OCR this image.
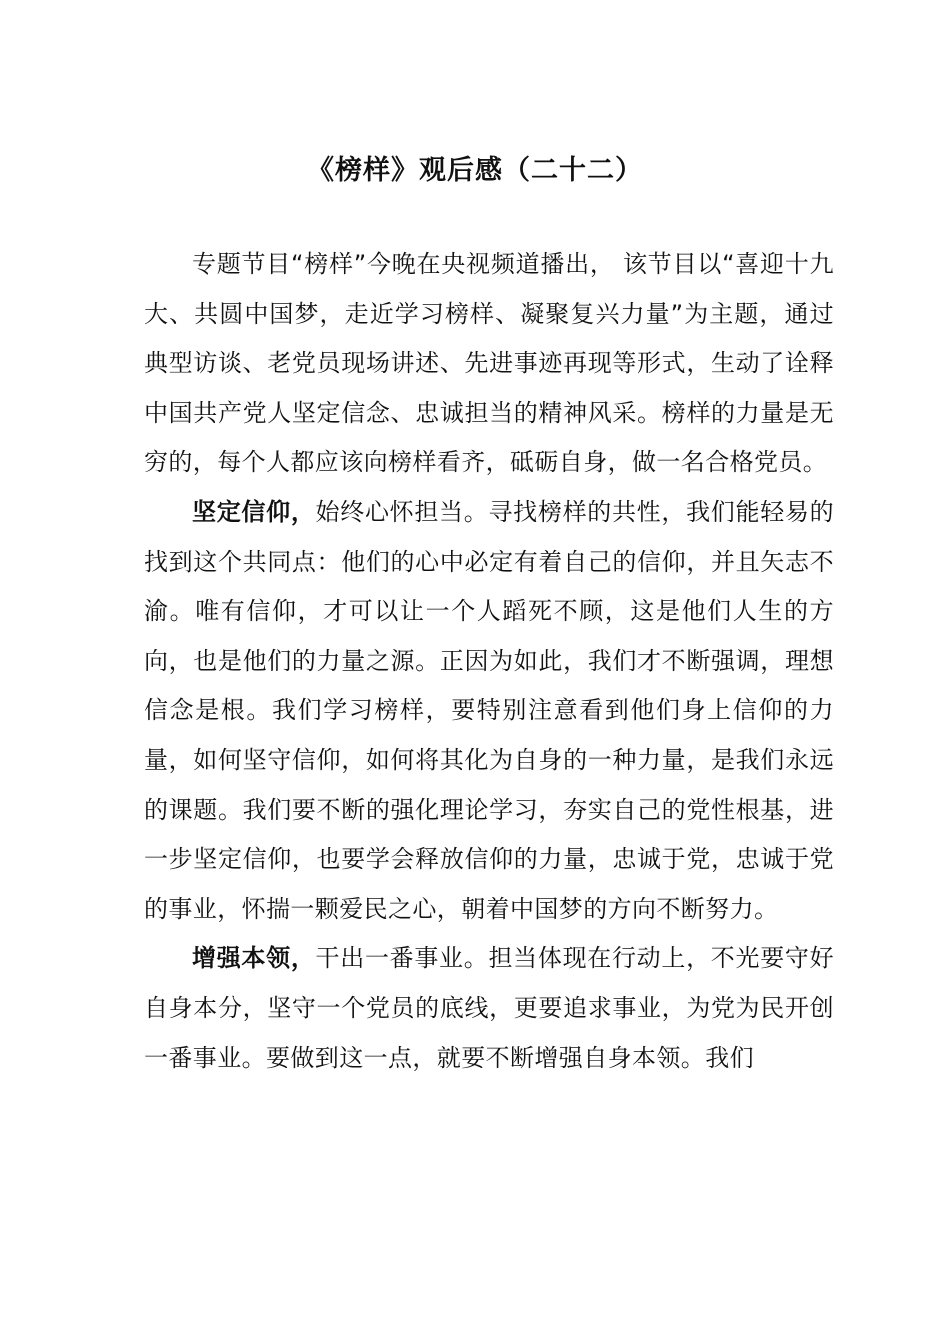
《榜样》观后感（二十二）

专题节目“榜样”今晚在央视频道播出， 该节目以“喜迎十九大、共圆中国梦，走近学习榜样、凝聚复兴力量”为主题，通过典型访谈、老党员现场讲述、先进事迹再现等形式，生动了诠释中国共产党人坚定信念、忠诚担当的精神风采。榜样的力量是无穷的，每个人都应该向榜样看齐，砥砺自身，做一名合格党员。

坚定信仰，始终心怀担当。寻找榜样的共性，我们能轻易的找到这个共同点：他们的心中必定有着自己的信仰，并且矢志不渝。唯有信仰，才可以让一个人蹈死不顾，这是他们人生的方向，也是他们的力量之源。正因为如此，我们才不断强调，理想信念是根。我们学习榜样，要特别注意看到他们身上信仰的力量，如何坚守信仰，如何将其化为自身的一种力量，是我们永远的课题。我们要不断的强化理论学习，夯实自己的党性根基，进一步坚定信仰，也要学会释放信仰的力量，忠诚于党，忠诚于党的事业，怀揣一颗爱民之心，朝着中国梦的方向不断努力。

增强本领，干出一番事业。担当体现在行动上，不光要守好自身本分，坚守一个党员的底线，更要追求事业，为党为民开创一番事业。要做到这一点，就要不断增强自身本领。我们
